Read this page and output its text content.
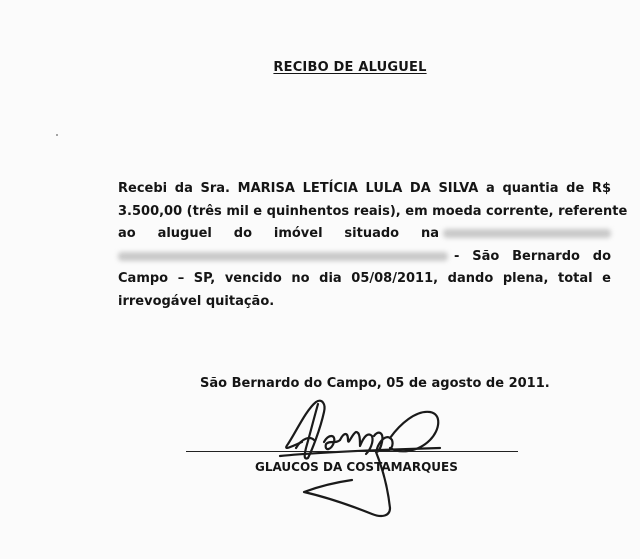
RECIBO DE ALUGUEL
Recebi da Sra. MARISA LETÍCIA LULA DA SILVA a quantia de R$
3.500,00 (três mil e quinhentos reais), em moeda corrente, referente
ao aluguel do imóvel situado na
- São Bernardo do
Campo – SP, vencido no dia 05/08/2011, dando plena, total e
irrevogável quitação.
São Bernardo do Campo, 05 de agosto de 2011.
GLAUCOS DA COSTAMARQUES
